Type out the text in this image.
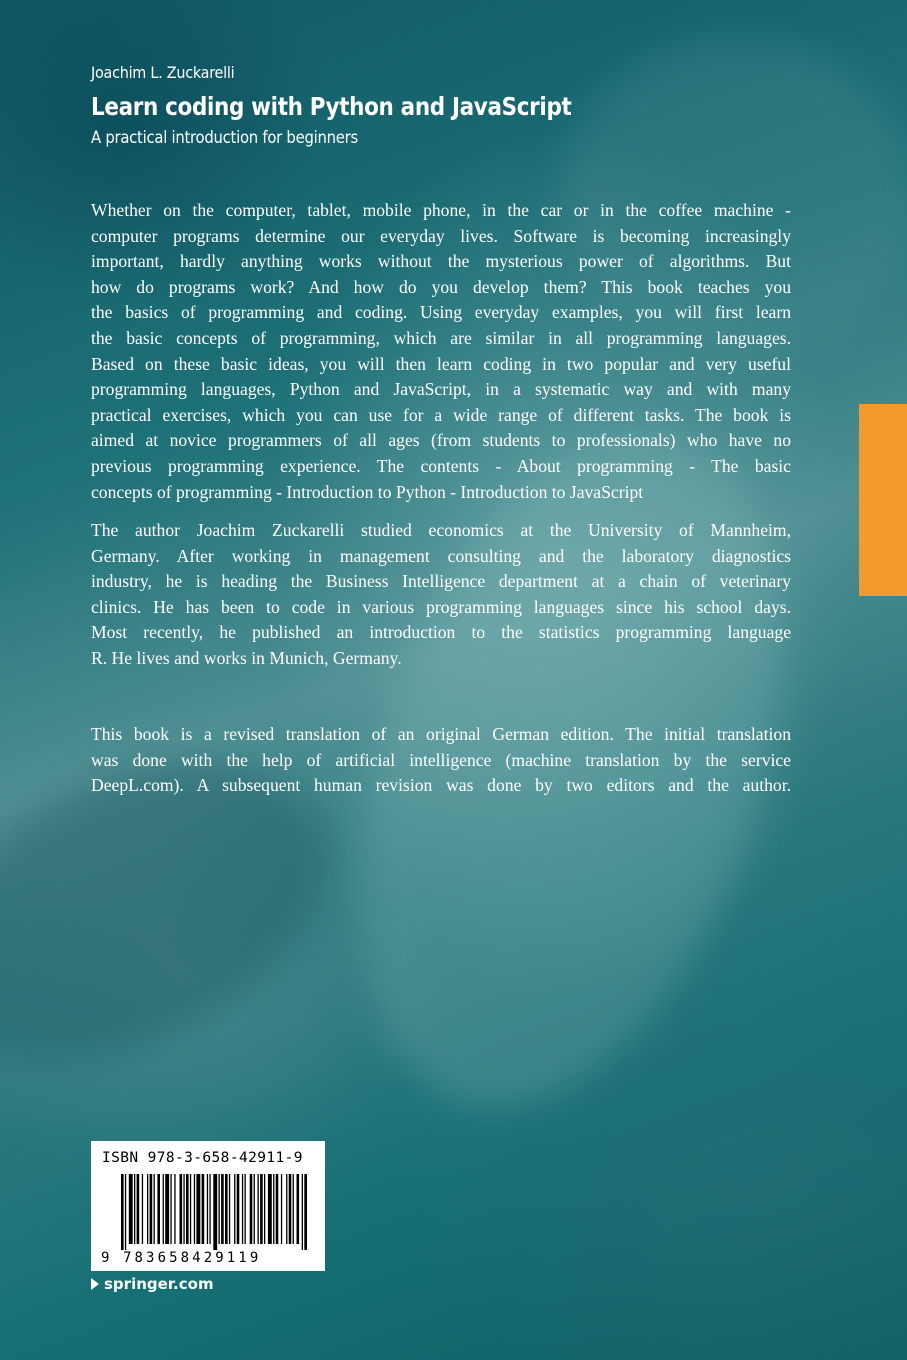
Joachim L. Zuckarelli
Learn coding with Python and JavaScript
A practical introduction for beginners

Whether on the computer, tablet, mobile phone, in the car or in the coffee machine -
computer programs determine our everyday lives. Software is becoming increasingly
important, hardly anything works without the mysterious power of algorithms. But
how do programs work? And how do you develop them? This book teaches you
the basics of programming and coding. Using everyday examples, you will first learn
the basic concepts of programming, which are similar in all programming languages.
Based on these basic ideas, you will then learn coding in two popular and very useful
programming languages, Python and JavaScript, in a systematic way and with many
practical exercises, which you can use for a wide range of different tasks. The book is
aimed at novice programmers of all ages (from students to professionals) who have no
previous programming experience. The contents - About programming - The basic
concepts of programming - Introduction to Python - Introduction to JavaScript

The author Joachim Zuckarelli studied economics at the University of Mannheim,
Germany. After working in management consulting and the laboratory diagnostics
industry, he is heading the Business Intelligence department at a chain of veterinary
clinics. He has been to code in various programming languages since his school days.
Most recently, he published an introduction to the statistics programming language
R. He lives and works in Munich, Germany.

This book is a revised translation of an original German edition. The initial translation
was done with the help of artificial intelligence (machine translation by the service
DeepL.com). A subsequent human revision was done by two editors and the author.

ISBN 978-3-658-42911-9
9 783658429119
springer.com
